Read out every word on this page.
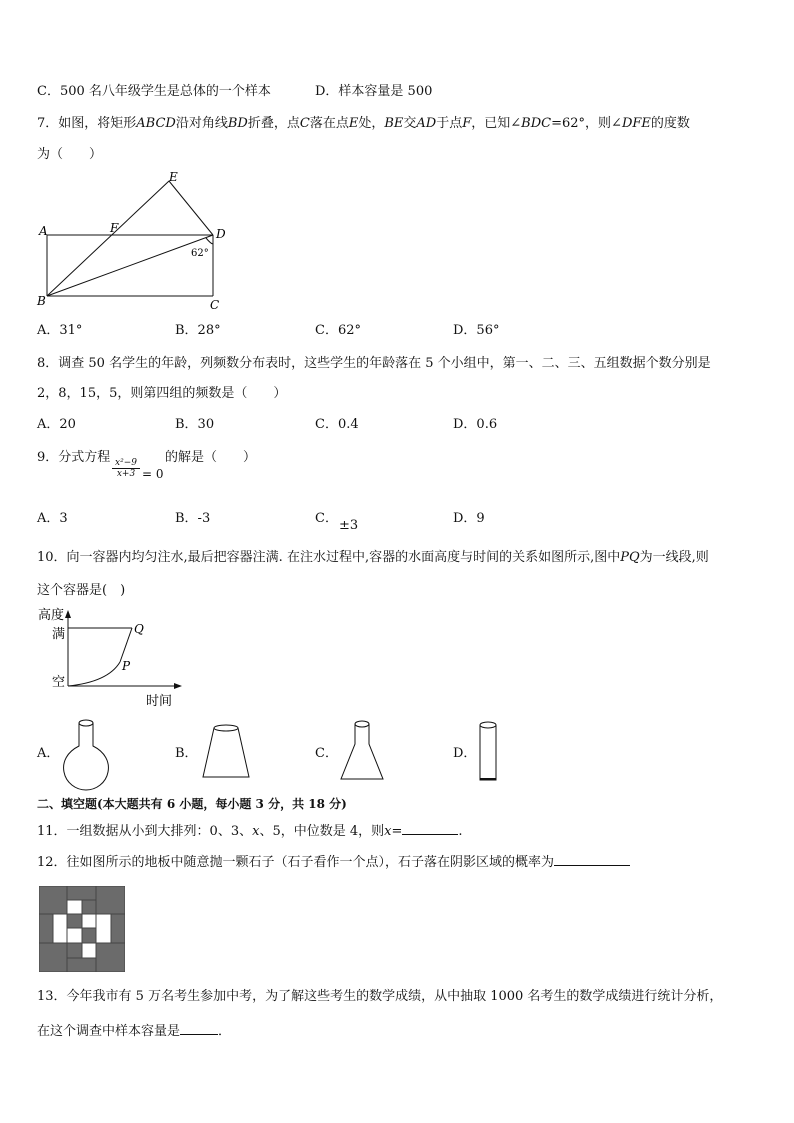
C．500 名八年级学生是总体的一个样本	D．样本容量是 500
7．如图，将矩形ABCD沿对角线BD折叠，点C落在点E处，BE交AD于点F，已知∠BDC=62°，则∠DFE的度数
为（　　）
E
A	F	D
B	C
62°
A．31°	B．28°	C．62°	D．56°
8．调查 50 名学生的年龄，列频数分布表时，这些学生的年龄落在 5 个小组中，第一、二、三、五组数据个数分别是
2，8，15，5，则第四组的频数是（　　）
A．20	B．30	C．0.4	D．0.6
9．分式方程
$\frac{\text{x²−9}}{x+3} = 0$
的解是（　　）
A．3	B．-3	C． ±3	D．9
10．向一容器内均匀注水,最后把容器注满. 在注水过程中,容器的水面高度与时间的关系如图所示,图中PQ为一线段,则
这个容器是(　)
高度
满
空
时间
P
Q
A．	B．	C．	D．
二、填空题(本大题共有 6 小题，每小题 3 分，共 18 分)
11．一组数据从小到大排列：0、3、x、5，中位数是 4，则x=	.
12．往如图所示的地板中随意抛一颗石子（石子看作一个点），石子落在阴影区域的概率为
13．今年我市有 5 万名考生参加中考，为了解这些考生的数学成绩，从中抽取 1000 名考生的数学成绩进行统计分析，
在这个调查中样本容量是	．
